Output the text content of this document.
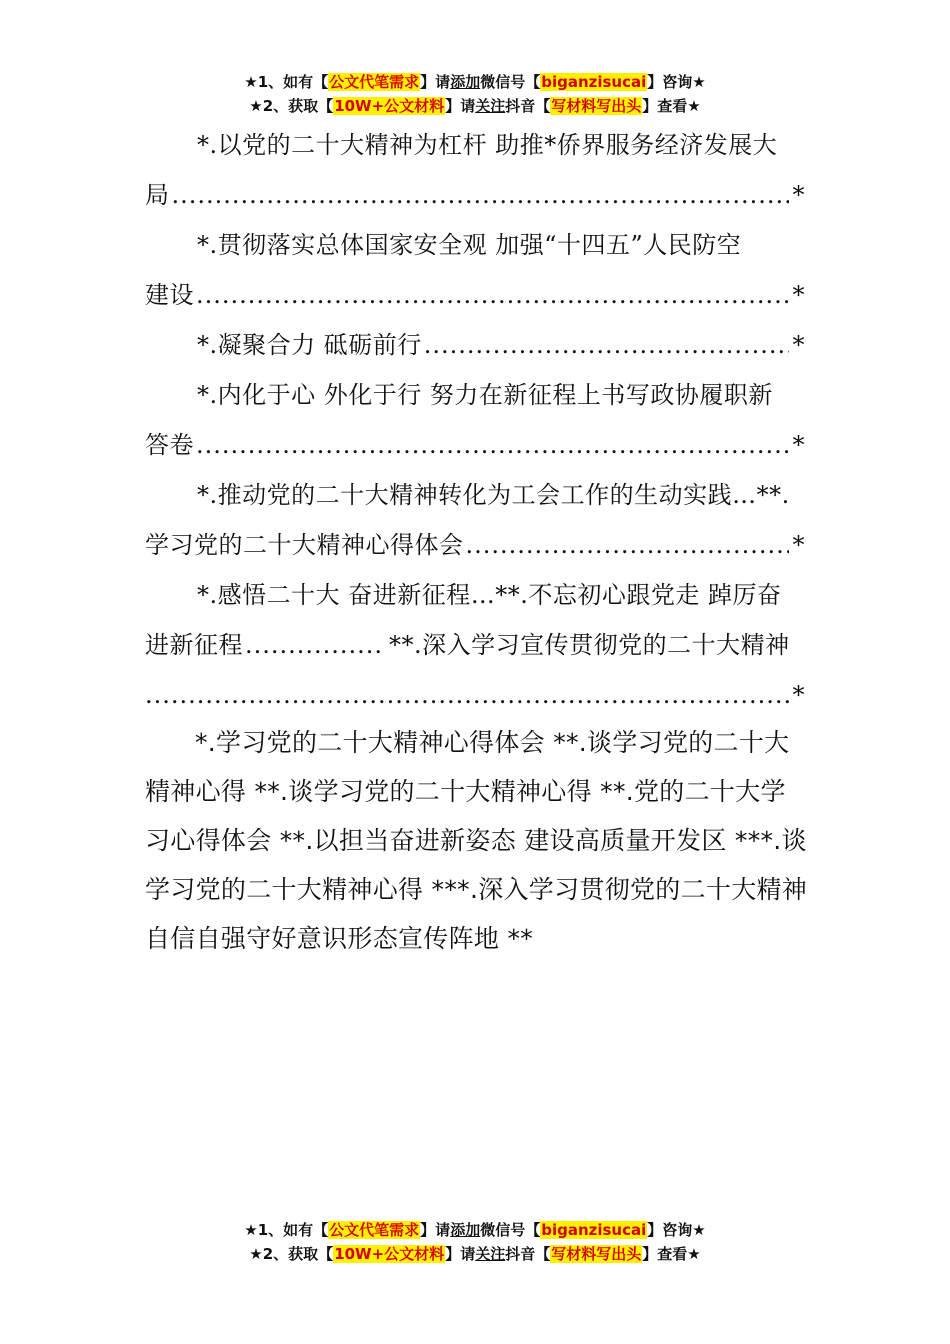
★1、如有【公文代笔需求】请添加微信号【biganzisucai】咨询★
★2、获取【10W+公文材料】请关注抖音【写材料写出头】查看★
*.以党的二十大精神为杠杆 助推*侨界服务经济发展大
局 .....	*
*.贯彻落实总体国家安全观 加强“十四五”人民防空
建设 .....	*
*.凝聚合力 砥砺前行 .....	*
*.内化于心 外化于行 努力在新征程上书写政协履职新
答卷 .....	*
*.推动党的二十大精神转化为工会工作的生动实践…**.
学习党的二十大精神心得体会 .....	*
*.感悟二十大 奋进新征程…**.不忘初心跟党走 踔厉奋
进新征程 .....	**.深入学习宣传贯彻党的二十大精神
.....
*
*.学习党的二十大精神心得体会 **.谈学习党的二十大精神心得 **.谈学习党的二十大精神心得 **.党的二十大学习心得体会 **.以担当奋进新姿态 建设高质量开发区 ***.谈学习党的二十大精神心得 ***.深入学习贯彻党的二十大精神 自信自强守好意识形态宣传阵地 **
★1、如有【公文代笔需求】请添加微信号【biganzisucai】咨询★
★2、获取【10W+公文材料】请关注抖音【写材料写出头】查看★
